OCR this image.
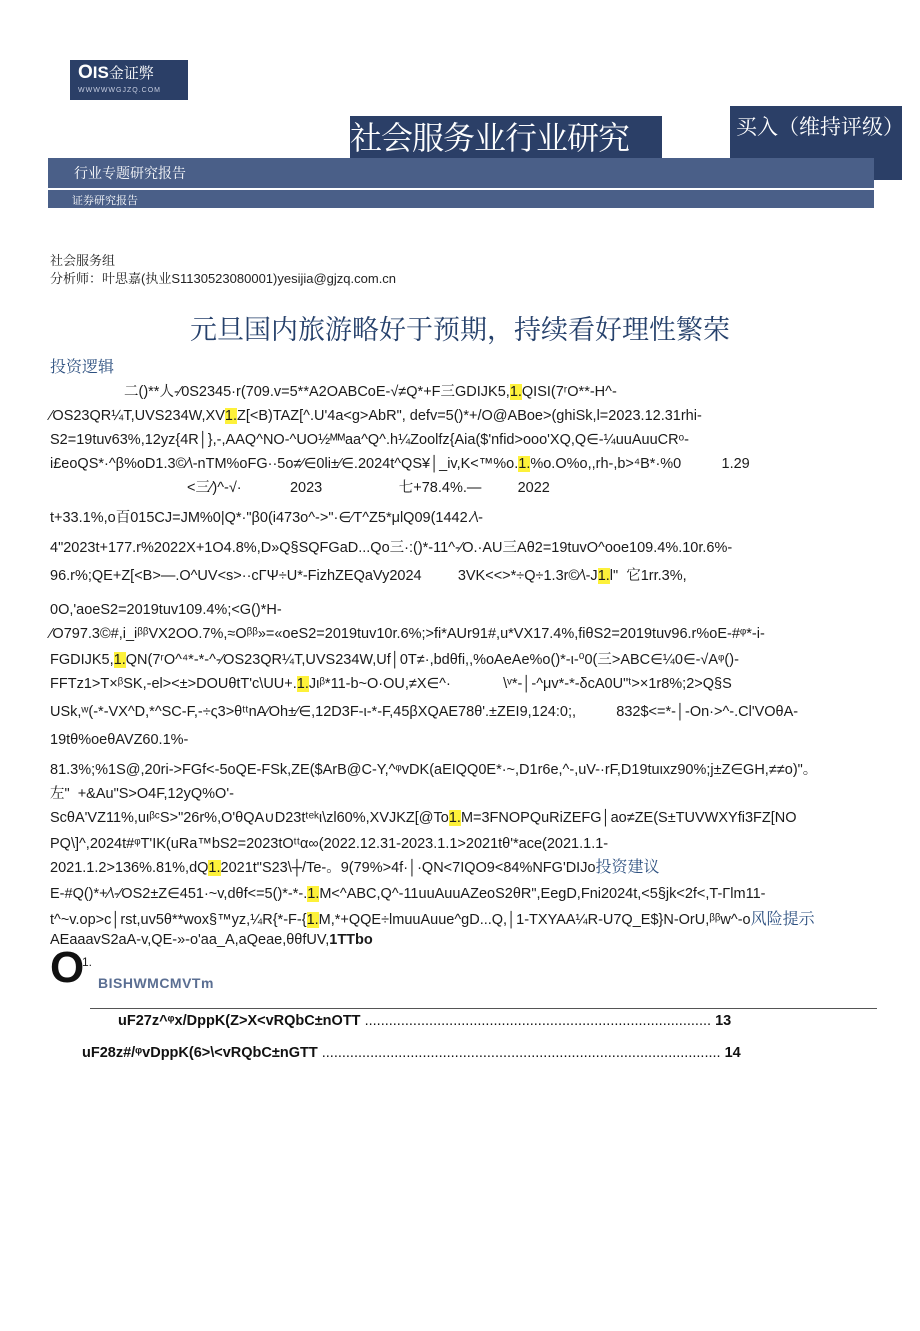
OIS金证弊
WWWWWGJZQ.COM
社会服务业行业研究	买入（维持评级）
行业专题研究报告
证券研究报告
社会服务组
分析师：叶思嘉(执业S1130523080001)yesijia@gjzq.com.cn
元旦国内旅游略好于预期，持续看好理性繁荣
投资逻辑
二()**人-∕0S2345·r(709.v=5**A2OABCoE-√≠Q*+F三GDIJK5,1.QISI(7ʳO**-H^-
∕OS23QR¼T,UVS234W,XV1.Z[<B)TAZ[^.U'4a<g>AbR", defv=5()*+/O@ABoe>(ghiSk,l=2023.12.31rhi-
S2=19tuv63%,12yz{4R│},-,AAQ^NO-^UO½ᴹᴹaa^Q^.h¼Zoolfz{Aia($'nfid>ooo'XQ,Q∈-¼uuAuuCRᵒ-
i£eoQS*·^β%oD1.3©∕\-nTM%oFG··5o≠∕∈0li±∕∈.2024t^QS¥│_iv,K<™%o.1.%o.O%o,,rh-,b>⁴B*·%0          1.29
<三∕)^-√·            2023                   七+78.4%.—         2022
t+33.1%,o百015CJ=JM%0|Q*·"β0(i473o^->"·∈∕T^Z5*μlQ09(1442.∕\-
4"2023t+177.r%2022X+1O4.8%,D»Q§SQFGaD...Qo三·:()*-11^-∕O.·AU三Aθ2=19tuvO^ooe109.4%.10r.6%-
96.r%;QE+Z[<B>—.O^UV<s>··cΓΨ÷U*-FizhZEQaVy2024         3VK<<>*÷Q÷1.3r©∕\-J1.l"  它1rr.3%,
0O,'aoeS2=2019tuv109.4%;<G()*H-
∕O797.3©#,i_iᵝᵝVX2OO.7%,≈Oᵝᵝ»=«oeS2=2019tuv10r.6%;>fi*AUr91#,u*VX17.4%,fiθS2=2019tuv96.r%oE-#ᵠ*-i-
FGDIJK5,1.QN(7ʳO^⁴*-*-^-∕OS23QR¼T,UVS234W,Uf│0T≠·,bdθfi,,%oAeAe%o()*-ι-⁰0(三>ABC∈¼0∈-√Aᵠ()-
FFTz1>T×ᵝSK,-el><±>DOUθtT'c\UU+.1.Jιᵝ*11-b~O·OU,≠X∈^·             \ᵛ*-│-^μv*-*-δcA0U"ᵗ>×1r8%;2>Q§S
USk,ʷ(-*-VX^D,*^SC-F,-÷ς3>θᵗᵗnA∕Oh±∕∈,12D3F-ι-*-F,45βXQAE78θ'.±ZEI9,124:0;,          832$<=*-│-On·>^-.Cl'VOθA-
19tθ%oeθAVZ60.1%-
81.3%;%1S@,20ri->FGf<-5oQE-FSk,ZE($ArB@C-Y,^ᵠvDK(aEIQQ0E*·~,D1r6e,^-,uV-·rF,D19tuιxz90%;j±Z∈GH,≠≠o)"。
左"  +&Au"S>O4F,12yQ%O'-
ScθA'VZ11%,uιᵝᶜS>"26r%,O'θQA∪D23tᵗᵉᵏι\zl60%,XVJKZ[@To1.M=3FNOPQuRiZEFG│ao≠ZE(S±TUVWXYfi3FZ[NO
PQ\]^,2024t#ᵠT'IK(uRa™bS2=2023tOᵗᵗα∞(2022.12.31-2023.1.1>2021tθ'*ace(2021.1.1-
2021.1.2>136%.81%,dQ1.2021t"S23\┼/Te-。9(79%>4f·│·QN<7IQO9<84%NFG'DIJo投资建议
E-#Q()*+∕\-∕OS2±Z∈451·~v,dθf<=5()*-*-.1.M<^ABC,Q^-11uuAuuAZeoS2θR",EegD,Fni2024t,<5§jk<2f<,T-Γlm11-
t^~v.op>c│rst,uv5θ**wox§™yz,¼R{*-F-{1.M,*+QQE÷lmuuAuue^gD...Q,│1-TXYAA¼R-U7Q_E$}N-OrU,ᵝᵝw^-o风险提示
AEaaavS2aA-v,QE-»-o'aa_A,aQeae,θθfUV,1TTbo
1.
O BISHWMCMVTm
uF27z^ᵠx/DppK(Z>X<vRQbC±nOTT ...................................................................................... 13
uF28z#/ᵠvDppK(6>\<vRQbC±nGTT ................................................................................................... 14
